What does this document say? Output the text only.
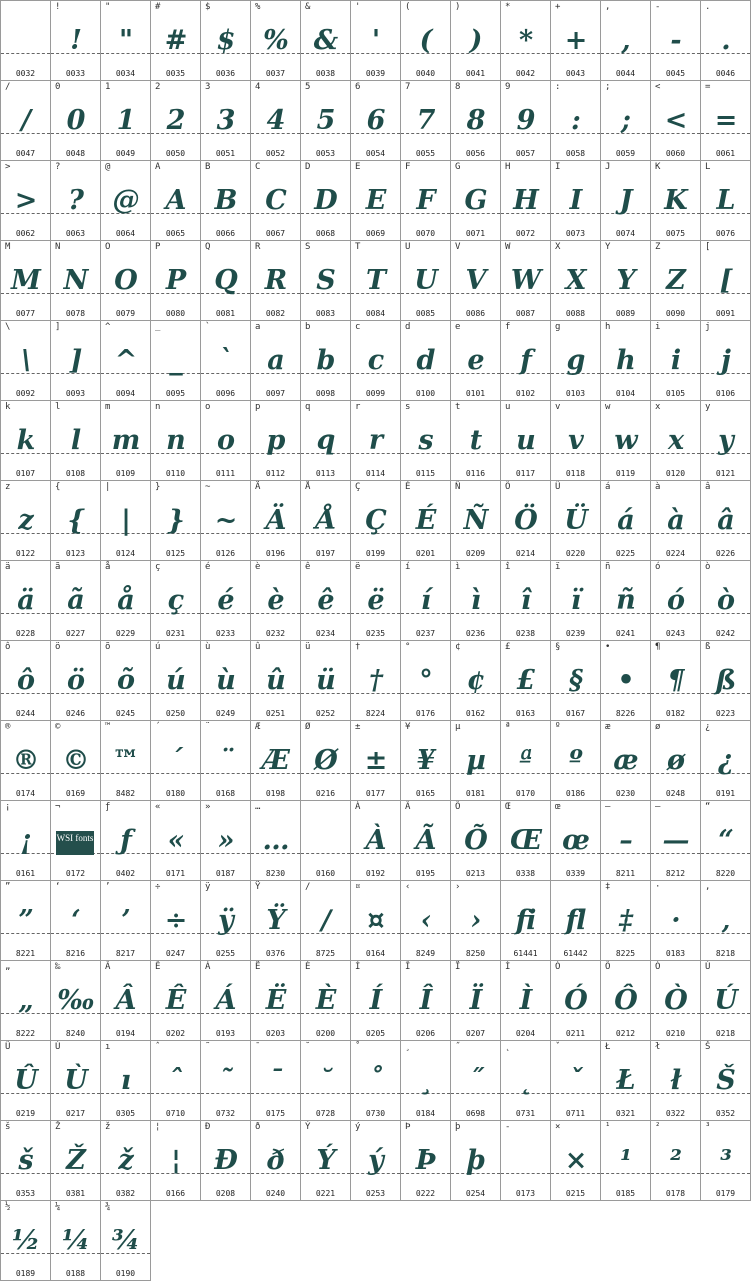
0032
!
!
0033
"
"
0034
#
#
0035
$
$
0036
%
%
0037
&
&
0038
'
'
0039
(
(
0040
)
)
0041
*
*
0042
+
+
0043
,
,
0044
-
-
0045
.
.
0046
/
/
0047
0
0
0048
1
1
0049
2
2
0050
3
3
0051
4
4
0052
5
5
0053
6
6
0054
7
7
0055
8
8
0056
9
9
0057
:
:
0058
;
;
0059
<
<
0060
=
=
0061
>
>
0062
?
?
0063
@
@
0064
A
A
0065
B
B
0066
C
C
0067
D
D
0068
E
E
0069
F
F
0070
G
G
0071
H
H
0072
I
I
0073
J
J
0074
K
K
0075
L
L
0076
M
M
0077
N
N
0078
O
O
0079
P
P
0080
Q
Q
0081
R
R
0082
S
S
0083
T
T
0084
U
U
0085
V
V
0086
W
W
0087
X
X
0088
Y
Y
0089
Z
Z
0090
[
[
0091
\
\
0092
]
]
0093
^
^
0094
_
_
0095
`
`
0096
a
a
0097
b
b
0098
c
c
0099
d
d
0100
e
e
0101
f
f
0102
g
g
0103
h
h
0104
i
i
0105
j
j
0106
k
k
0107
l
l
0108
m
m
0109
n
n
0110
o
o
0111
p
p
0112
q
q
0113
r
r
0114
s
s
0115
t
t
0116
u
u
0117
v
v
0118
w
w
0119
x
x
0120
y
y
0121
z
z
0122
{
{
0123
|
|
0124
}
}
0125
~
~
0126
Ä
Ä
0196
Å
Å
0197
Ç
Ç
0199
É
É
0201
Ñ
Ñ
0209
Ö
Ö
0214
Ü
Ü
0220
á
á
0225
à
à
0224
â
â
0226
ä
ä
0228
ã
ã
0227
å
å
0229
ç
ç
0231
é
é
0233
è
è
0232
ê
ê
0234
ë
ë
0235
í
í
0237
ì
ì
0236
î
î
0238
ï
ï
0239
ñ
ñ
0241
ó
ó
0243
ò
ò
0242
ô
ô
0244
ö
ö
0246
õ
õ
0245
ú
ú
0250
ù
ù
0249
û
û
0251
ü
ü
0252
†
†
8224
°
°
0176
¢
¢
0162
£
£
0163
§
§
0167
•
•
8226
¶
¶
0182
ß
ß
0223
®
®
0174
©
©
0169
™
™
8482
´
´
0180
¨
¨
0168
Æ
Æ
0198
Ø
Ø
0216
±
±
0177
¥
¥
0165
µ
µ
0181
ª
ª
0170
º
º
0186
æ
æ
0230
ø
ø
0248
¿
¿
0191
¡
¡
0161
¬
WSI fonts
0172
ƒ
ƒ
0402
«
«
0171
»
»
0187
…
…
8230	0160
À
À
0192
Ã
Ã
0195
Õ
Õ
0213
Œ
Œ
0338
œ
œ
0339
–
–
8211
—
—
8212
“
“
8220
”
”
8221
‘
‘
8216
’
’
8217
÷
÷
0247
ÿ
ÿ
0255
Ÿ
Ÿ
0376
∕
∕
8725
¤
¤
0164
‹
‹
8249
›
›
8250
fi
61441
fl
61442
‡
‡
8225
·
·
0183
‚
‚
8218
„
„
8222
‰
‰
8240
Â
Â
0194
Ê
Ê
0202
Á
Á
0193
Ë
Ë
0203
È
È
0200
Í
Í
0205
Î
Î
0206
Ï
Ï
0207
Ì
Ì
0204
Ó
Ó
0211
Ô
Ô
0212
Ò
Ò
0210
Ú
Ú
0218
Û
Û
0219
Ù
Ù
0217
ı
ı
0305
ˆ
ˆ
0710
˜
˜
0732
¯
¯
0175
˘
˘
0728
˚
˚
0730
¸
¸
0184
˝
˝
0698
˛
˛
0731
ˇ
ˇ
0711
Ł
Ł
0321
ł
ł
0322
Š
Š
0352
š
š
0353
Ž
Ž
0381
ž
ž
0382
¦
¦
0166
Ð
Ð
0208
ð
ð
0240
Ý
Ý
0221
ý
ý
0253
Þ
Þ
0222
þ
þ
0254
-
0173
×
×
0215
¹
¹
0185
²
²
0178
³
³
0179
½
½
0189
¼
¼
0188
¾
¾
0190
